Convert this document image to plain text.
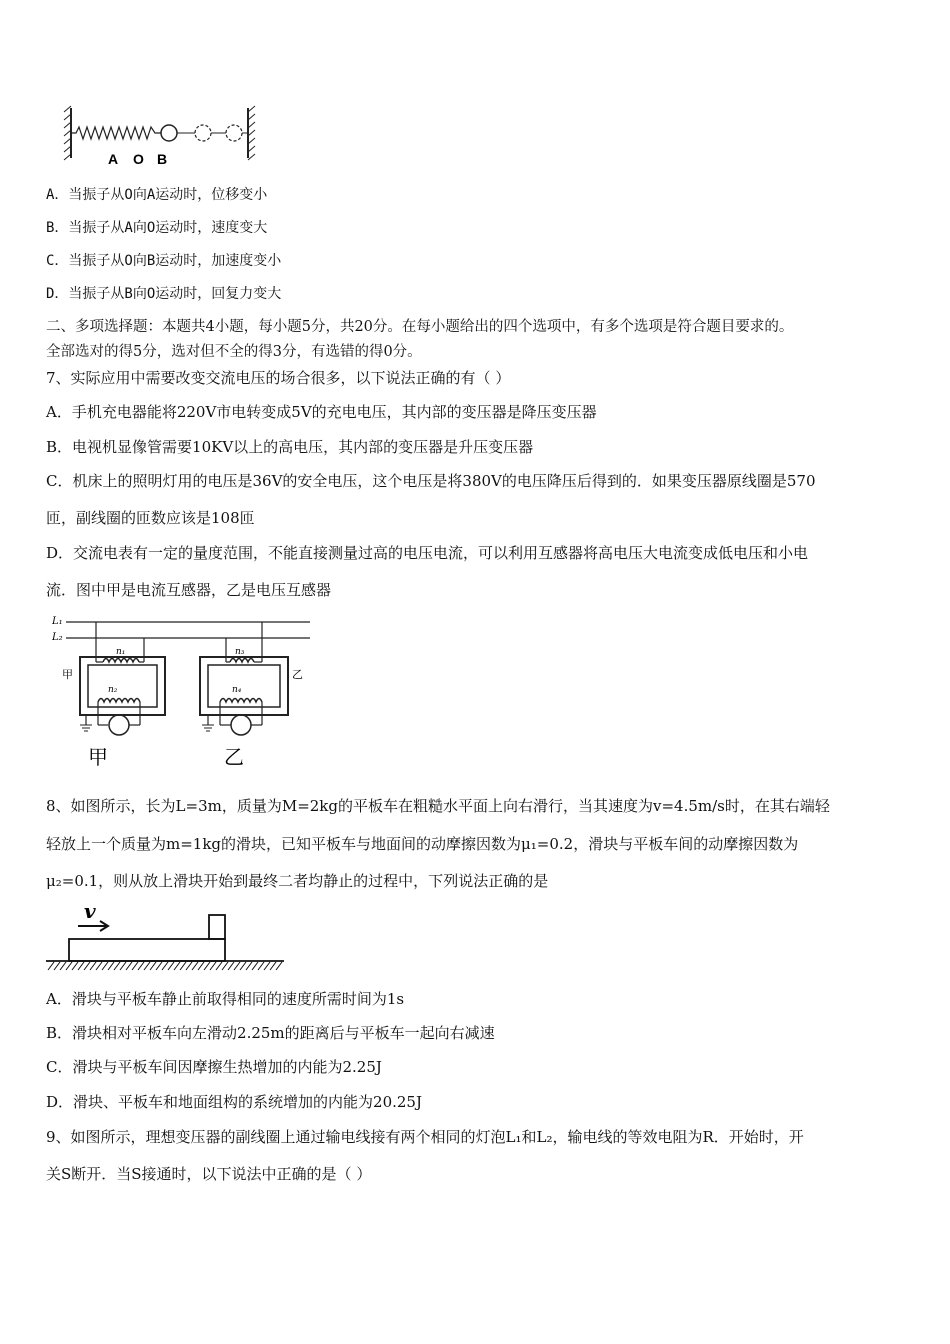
A O B
A．当振子从O向A运动时，位移变小
B．当振子从A向O运动时，速度变大
C．当振子从O向B运动时，加速度变小
D．当振子从B向O运动时，回复力变大
二、多项选择题：本题共4小题，每小题5分，共20分。在每小题给出的四个选项中，有多个选项是符合题目要求的。
全部选对的得5分，选对但不全的得3分，有选错的得0分。
7、实际应用中需要改变交流电压的场合很多，以下说法正确的有（ ）
A．手机充电器能将220V市电转变成5V的充电电压，其内部的变压器是降压变压器
B．电视机显像管需要10KV以上的高电压，其内部的变压器是升压变压器
C．机床上的照明灯用的电压是36V的安全电压，这个电压是将380V的电压降压后得到的．如果变压器原线圈是570
匝，副线圈的匝数应该是108匝
D．交流电表有一定的量度范围，不能直接测量过高的电压电流，可以利用互感器将高电压大电流变成低电压和小电
流．图中甲是电流互感器，乙是电压互感器
L₁
L₂
n₁
n₂
甲
n₃
n₄
乙
甲	乙
8、如图所示，长为L=3m，质量为M=2kg的平板车在粗糙水平面上向右滑行，当其速度为v=4.5m/s时，在其右端轻
轻放上一个质量为m=1kg的滑块，已知平板车与地面间的动摩擦因数为μ₁=0.2，滑块与平板车间的动摩擦因数为
μ₂=0.1，则从放上滑块开始到最终二者均静止的过程中，下列说法正确的是
v
A．滑块与平板车静止前取得相同的速度所需时间为1s
B．滑块相对平板车向左滑动2.25m的距离后与平板车一起向右减速
C．滑块与平板车间因摩擦生热增加的内能为2.25J
D．滑块、平板车和地面组构的系统增加的内能为20.25J
9、如图所示，理想变压器的副线圈上通过输电线接有两个相同的灯泡L₁和L₂，输电线的等效电阻为R．开始时，开
关S断开．当S接通时，以下说法中正确的是（ ）
